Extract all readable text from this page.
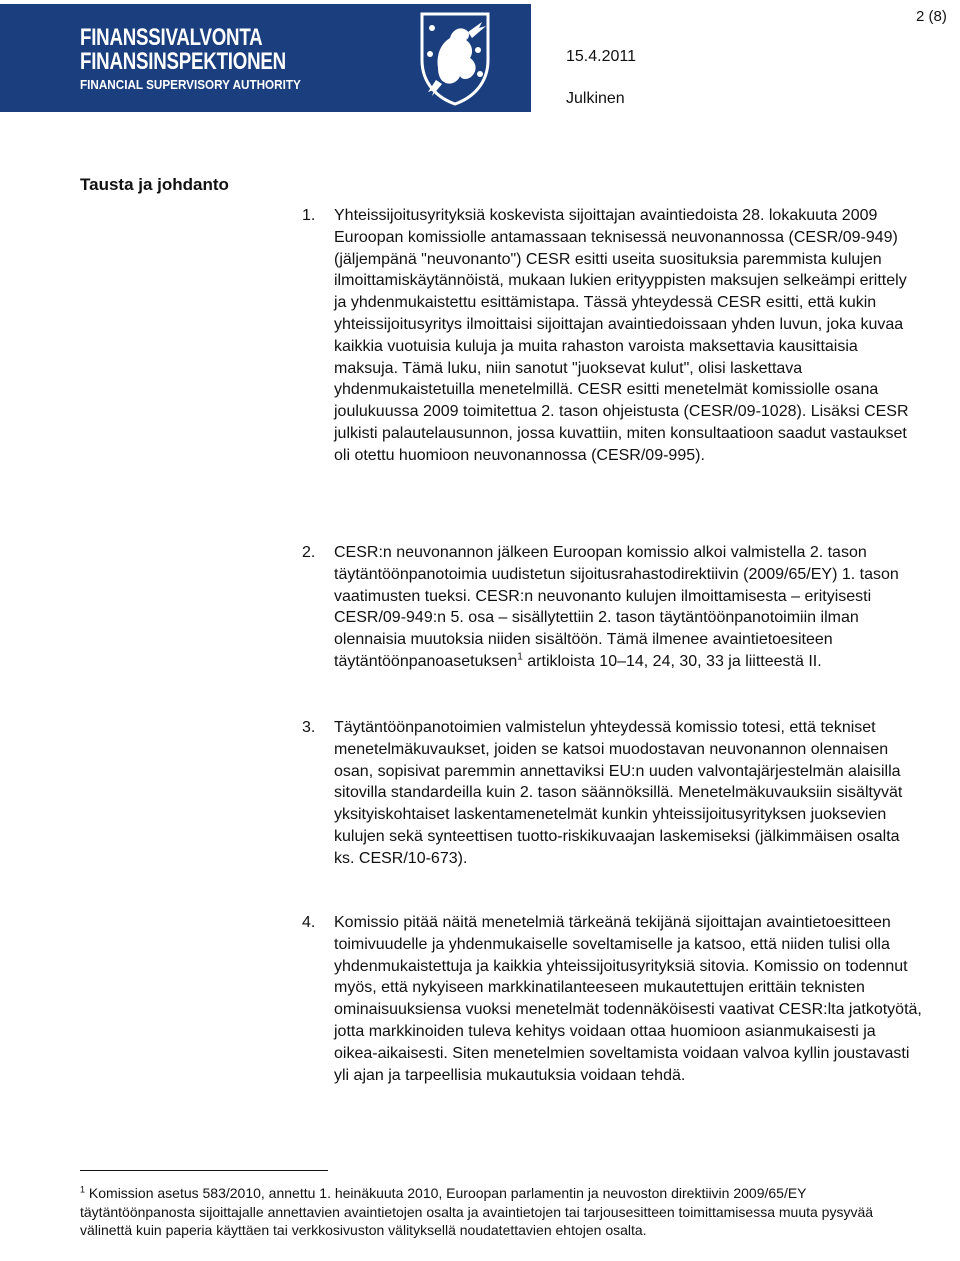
FINANSSIVALVONTA
FINANSINSPEKTIONEN
FINANCIAL SUPERVISORY AUTHORITY
2 (8)
15.4.2011
Julkinen
Tausta ja johdanto
1.	Yhteissijoitusyrityksiä koskevista sijoittajan avaintiedoista 28. lokakuuta 2009 Euroopan komissiolle antamassaan teknisessä neuvonannossa (CESR/09-949) (jäljempänä "neuvonanto") CESR esitti useita suosituksia paremmista kulujen ilmoittamiskäytännöistä, mukaan lukien erityyppisten maksujen selkeämpi erittely ja yhdenmukaistettu esittämistapa. Tässä yhteydessä CESR esitti, että kukin yhteissijoitusyritys ilmoittaisi sijoittajan avaintiedoissaan yhden luvun, joka kuvaa kaikkia vuotuisia kuluja ja muita rahaston varoista maksettavia kausittaisia maksuja. Tämä luku, niin sanotut "juoksevat kulut", olisi laskettava yhdenmukaistetuilla menetelmillä. CESR esitti menetelmät komissiolle osana joulukuussa 2009 toimitettua 2. tason ohjeistusta (CESR/09-1028). Lisäksi CESR julkisti palautelausunnon, jossa kuvattiin, miten konsultaatioon saadut vastaukset oli otettu huomioon neuvonannossa (CESR/09-995).
2.	CESR:n neuvonannon jälkeen Euroopan komissio alkoi valmistella 2. tason täytäntöönpanotoimia uudistetun sijoitusrahastodirektiivin (2009/65/EY) 1. tason vaatimusten tueksi. CESR:n neuvonanto kulujen ilmoittamisesta – erityisesti CESR/09-949:n 5. osa – sisällytettiin 2. tason täytäntöönpanotoimiin ilman olennaisia muutoksia niiden sisältöön. Tämä ilmenee avaintietoesiteen täytäntöönpanoasetuksen$^1$ artikloista 10–14, 24, 30, 33 ja liitteestä II.
3.	Täytäntöönpanotoimien valmistelun yhteydessä komissio totesi, että tekniset menetelmäkuvaukset, joiden se katsoi muodostavan neuvonannon olennaisen osan, sopisivat paremmin annettaviksi EU:n uuden valvontajärjestelmän alaisilla sitovilla standardeilla kuin 2. tason säännöksillä. Menetelmäkuvauksiin sisältyvät yksityiskohtaiset laskentamenetelmät kunkin yhteissijoitusyrityksen juoksevien kulujen sekä synteettisen tuotto-riskikuvaajan laskemiseksi (jälkimmäisen osalta ks. CESR/10-673).
4.	Komissio pitää näitä menetelmiä tärkeänä tekijänä sijoittajan avaintietoesitteen toimivuudelle ja yhdenmukaiselle soveltamiselle ja katsoo, että niiden tulisi olla yhdenmukaistettuja ja kaikkia yhteissijoitusyrityksiä sitovia. Komissio on todennut myös, että nykyiseen markkinatilanteeseen mukautettujen erittäin teknisten ominaisuuksiensa vuoksi menetelmät todennäköisesti vaativat CESR:lta jatkotyötä, jotta markkinoiden tuleva kehitys voidaan ottaa huomioon asianmukaisesti ja oikea-aikaisesti. Siten menetelmien soveltamista voidaan valvoa kyllin joustavasti yli ajan ja tarpeellisia mukautuksia voidaan tehdä.
$^1$ Komission asetus 583/2010, annettu 1. heinäkuuta 2010, Euroopan parlamentin ja neuvoston direktiivin 2009/65/EY täytäntöönpanosta sijoittajalle annettavien avaintietojen osalta ja avaintietojen tai tarjousesitteen toimittamisessa muuta pysyvää välinettä kuin paperia käyttäen tai verkkosivuston välityksellä noudatettavien ehtojen osalta.
